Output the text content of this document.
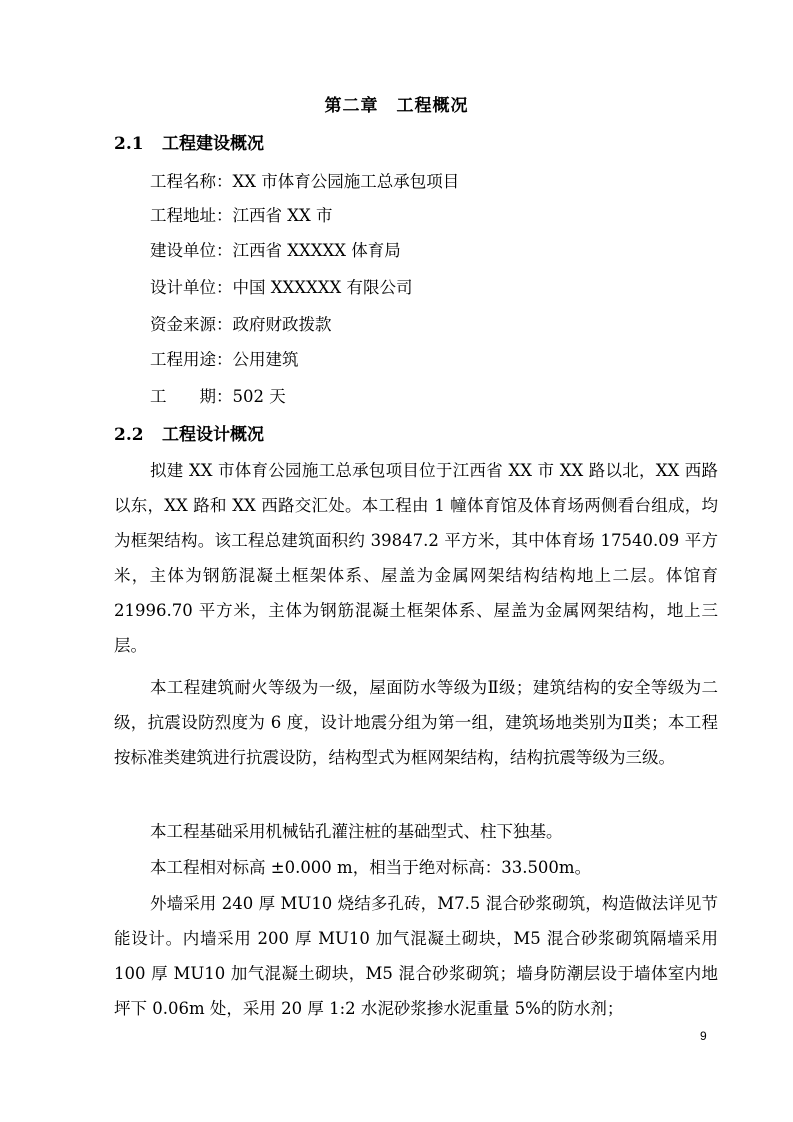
第二章　工程概况
2.1 工程建设概况
工程名称：XX 市体育公园施工总承包项目
工程地址：江西省 XX 市
建设单位：江西省 XXXXX 体育局
设计单位：中国 XXXXXX 有限公司
资金来源：政府财政拨款
工程用途：公用建筑
工　　期：502 天
2.2 工程设计概况

拟建 XX 市体育公园施工总承包项目位于江西省 XX 市 XX 路以北，XX 西路以东，XX 路和 XX 西路交汇处。本工程由 1 幢体育馆及体育场两侧看台组成，均为框架结构。该工程总建筑面积约 39847.2 平方米，其中体育场 17540.09 平方米，主体为钢筋混凝土框架体系、屋盖为金属网架结构结构地上二层。体馆育 21996.70 平方米，主体为钢筋混凝土框架体系、屋盖为金属网架结构，地上三层。

本工程建筑耐火等级为一级，屋面防水等级为Ⅱ级；建筑结构的安全等级为二级，抗震设防烈度为 6 度，设计地震分组为第一组，建筑场地类别为Ⅱ类；本工程按标准类建筑进行抗震设防，结构型式为框网架结构，结构抗震等级为三级。

本工程基础采用机械钻孔灌注桩的基础型式、柱下独基。

本工程相对标高 ±0.000 m，相当于绝对标高：33.500m。

外墙采用 240 厚 MU10 烧结多孔砖，M7.5 混合砂浆砌筑，构造做法详见节能设计。内墙采用 200 厚 MU10 加气混凝土砌块，M5 混合砂浆砌筑隔墙采用 100 厚 MU10 加气混凝土砌块，M5 混合砂浆砌筑；墙身防潮层设于墙体室内地坪下 0.06m 处，采用 20 厚 1:2 水泥砂浆掺水泥重量 5%的防水剂；

9
